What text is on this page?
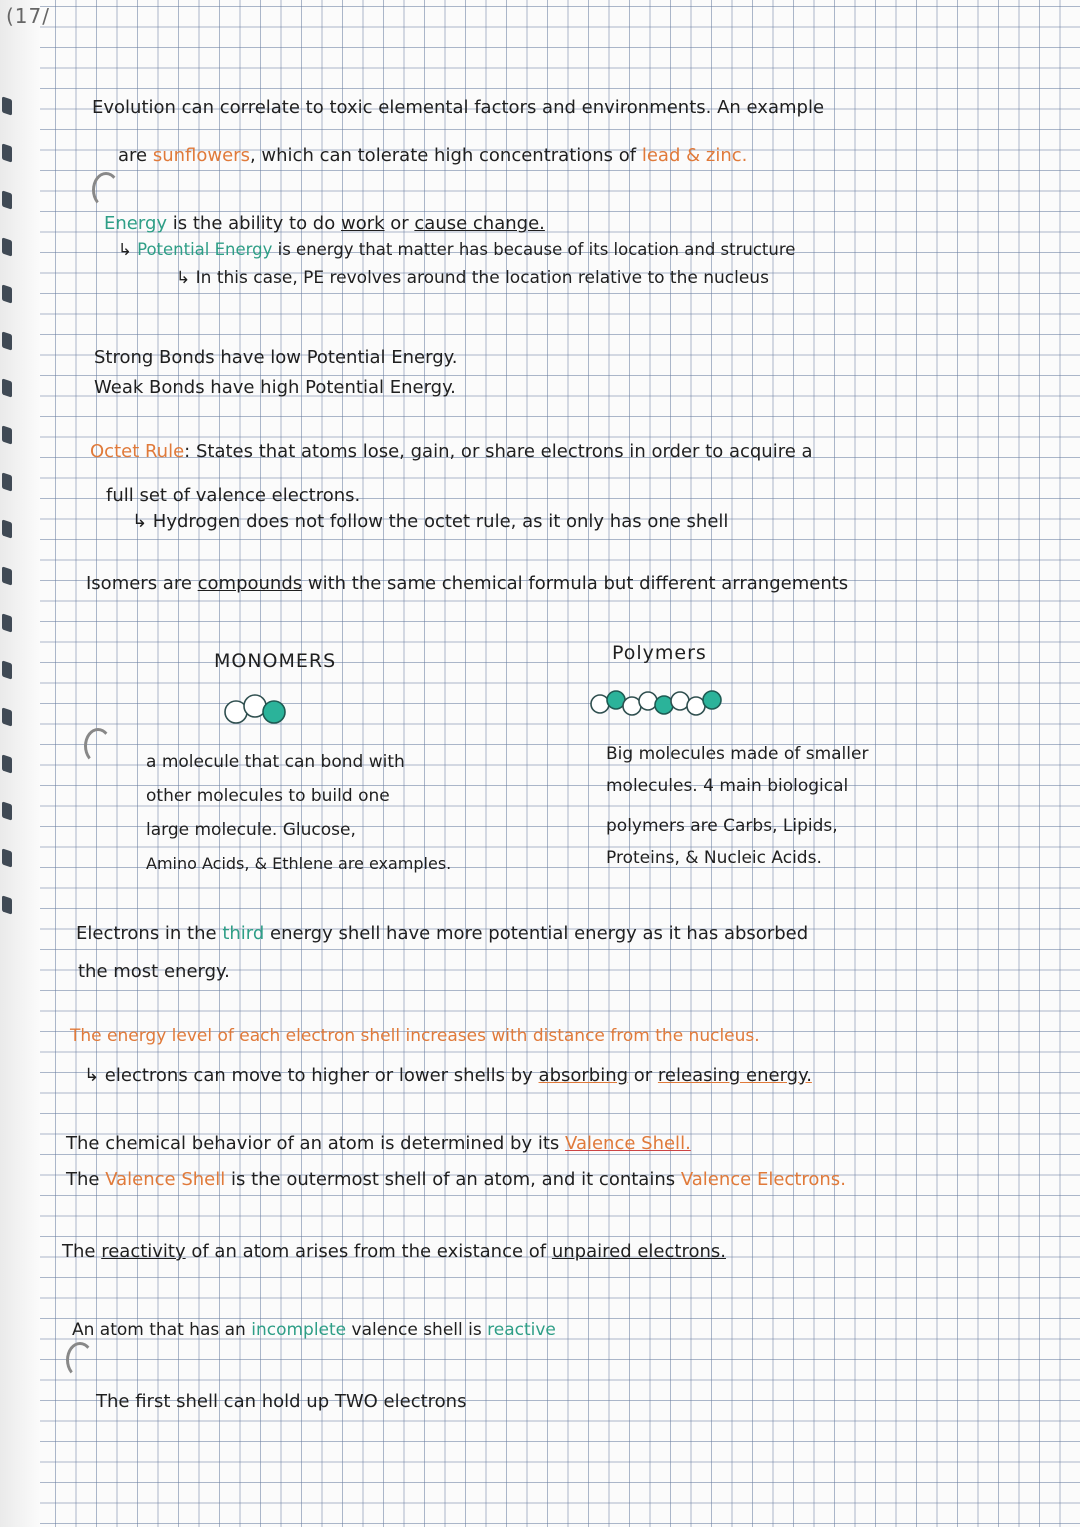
(17/
Evolution can correlate to toxic elemental factors and environments. An example
are sunflowers, which can tolerate high concentrations of lead & zinc.
Energy is the ability to do work or cause change.
↳ Potential Energy is energy that matter has because of its location and structure
↳ In this case, PE revolves around the location relative to the nucleus
Strong Bonds have low Potential Energy.
Weak Bonds have high Potential Energy.
Octet Rule: States that atoms lose, gain, or share electrons in order to acquire a
full set of valence electrons.
↳ Hydrogen does not follow the octet rule, as it only has one shell
Isomers are compounds with the same chemical formula but different arrangements
MONOMERS
a molecule that can bond with
other molecules to build one
large molecule. Glucose,
Amino Acids, & Ethlene are examples.
Polymers
Big molecules made of smaller
molecules. 4 main biological
polymers are Carbs, Lipids,
Proteins, & Nucleic Acids.
Electrons in the third energy shell have more potential energy as it has absorbed
the most energy.
The energy level of each electron shell increases with distance from the nucleus.
↳ electrons can move to higher or lower shells by absorbing or releasing energy.
The chemical behavior of an atom is determined by its Valence Shell.
The Valence Shell is the outermost shell of an atom, and it contains Valence Electrons.
The reactivity of an atom arises from the existance of unpaired electrons.
An atom that has an incomplete valence shell is reactive
The first shell can hold up TWO electrons
